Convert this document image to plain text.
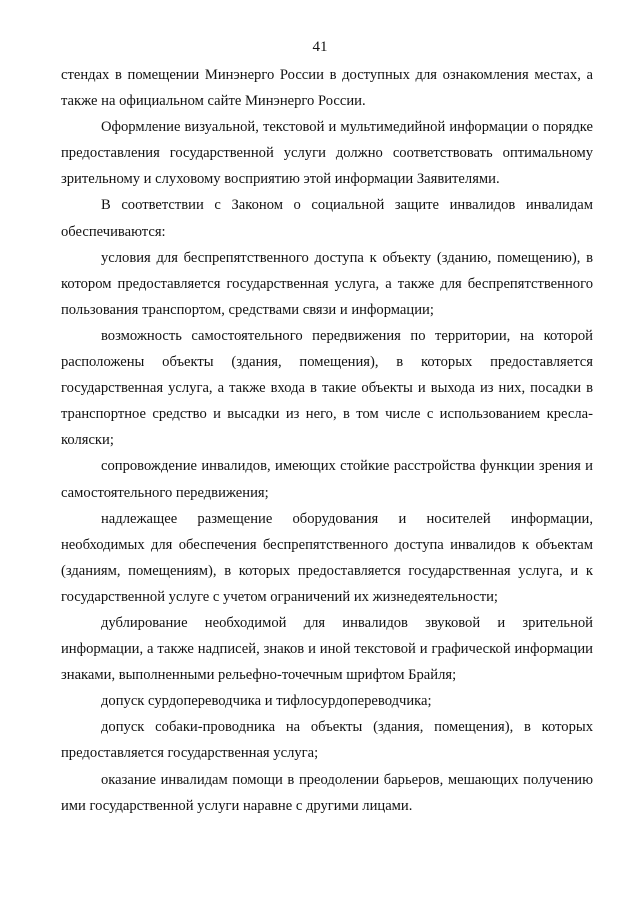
41

стендах в помещении Минэнерго России в доступных для ознакомления местах, а также на официальном сайте Минэнерго России.

Оформление визуальной, текстовой и мультимедийной информации о порядке предоставления государственной услуги должно соответствовать оптимальному зрительному и слуховому восприятию этой информации Заявителями.

В соответствии с Законом о социальной защите инвалидов инвалидам обеспечиваются:

условия для беспрепятственного доступа к объекту (зданию, помещению), в котором предоставляется государственная услуга, а также для беспрепятственного пользования транспортом, средствами связи и информации;

возможность самостоятельного передвижения по территории, на которой расположены объекты (здания, помещения), в которых предоставляется государственная услуга, а также входа в такие объекты и выхода из них, посадки в транспортное средство и высадки из него, в том числе с использованием кресла-коляски;

сопровождение инвалидов, имеющих стойкие расстройства функции зрения и самостоятельного передвижения;

надлежащее размещение оборудования и носителей информации, необходимых для обеспечения беспрепятственного доступа инвалидов к объектам (зданиям, помещениям), в которых предоставляется государственная услуга, и к государственной услуге с учетом ограничений их жизнедеятельности;

дублирование необходимой для инвалидов звуковой и зрительной информации, а также надписей, знаков и иной текстовой и графической информации знаками, выполненными рельефно-точечным шрифтом Брайля;

допуск сурдопереводчика и тифлосурдопереводчика;

допуск собаки-проводника на объекты (здания, помещения), в которых предоставляется государственная услуга;

оказание инвалидам помощи в преодолении барьеров, мешающих получению ими государственной услуги наравне с другими лицами.
